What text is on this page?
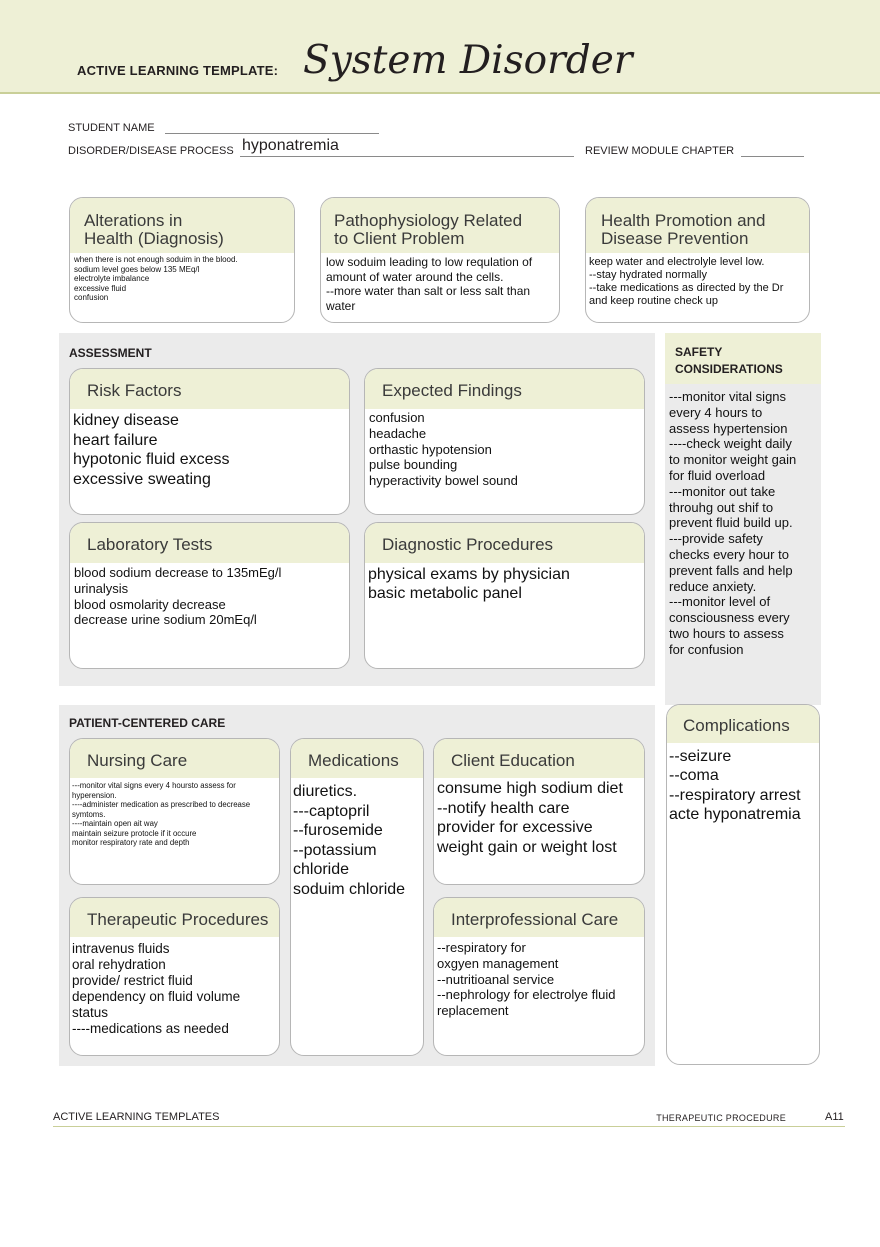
ACTIVE LEARNING TEMPLATE: System Disorder
STUDENT NAME
DISORDER/DISEASE PROCESS hyponatremia	REVIEW MODULE CHAPTER
Alterations in
Health (Diagnosis)
when there is not enough soduim in the blood.
sodium level goes below 135 MEq/l
electrolyte imbalance
excessive fluid
confusion
Pathophysiology Related
to Client Problem
low soduim leading to low requlation of
amount of water around the cells.
--more water than salt or less salt than
water
Health Promotion and
Disease Prevention
keep water and electrolyle level low.
--stay hydrated normally
--take medications as directed by the Dr
and keep routine check up
ASSESSMENT
Risk Factors
kidney disease
heart failure
hypotonic fluid excess
excessive sweating
Expected Findings
confusion
headache
orthastic hypotension
pulse bounding
hyperactivity bowel sound
Laboratory Tests
blood sodium decrease to 135mEg/l
urinalysis
blood osmolarity decrease
decrease urine sodium 20mEq/l
Diagnostic Procedures
physical exams by physician
basic metabolic panel
SAFETY
CONSIDERATIONS
---monitor vital signs
every 4 hours to
assess hypertension
----check weight daily
to monitor weight gain
for fluid overload
---monitor out take
throuhg out shif to
prevent fluid build up.
---provide safety
checks every hour to
prevent falls and help
reduce anxiety.
---monitor level of
consciousness every
two hours to assess
for confusion
PATIENT-CENTERED CARE
Nursing Care
---monitor vital signs every 4 hoursto assess for
hyperension.
----administer medication as prescribed to decrease
symtoms.
----maintain open ait way
maintain seizure protocle if it occure
monitor respiratory rate and depth
Medications
diuretics.
---captopril
--furosemide
--potassium
chloride
soduim chloride
Client Education
consume high sodium diet
--notify health care
provider for excessive
weight gain or weight lost
Therapeutic Procedures
intravenus fluids
oral rehydration
provide/ restrict fluid
dependency on fluid volume
status
----medications as needed
Interprofessional Care
--respiratory for
oxgyen management
--nutritioanal service
--nephrology for electrolye fluid
replacement
Complications
--seizure
--coma
--respiratory arrest
acte hyponatremia
ACTIVE LEARNING TEMPLATES	THERAPEUTIC PROCEDURE	A11
